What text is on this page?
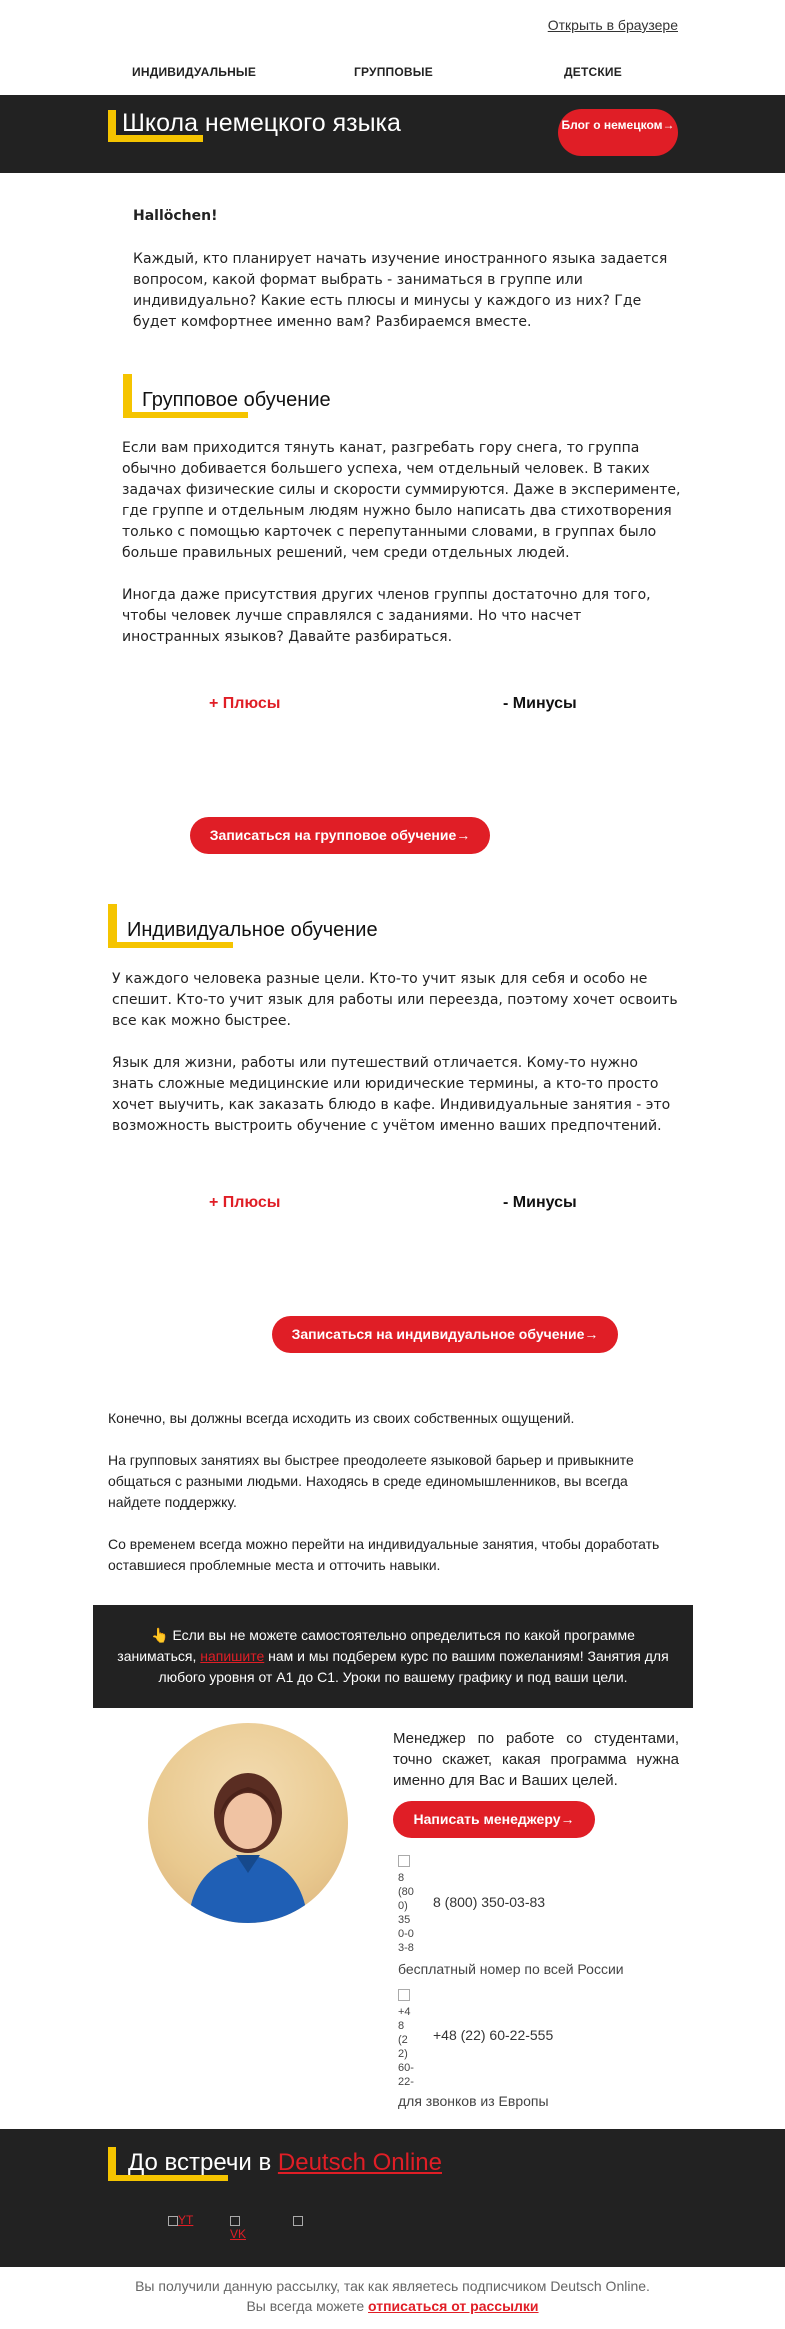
Открыть в браузере
ИНДИВИДУАЛЬНЫЕ	ГРУППОВЫЕ	ДЕТСКИЕ
Школа немецкого языка	Блог о немецком→
Hallöchen!
Каждый, кто планирует начать изучение иностранного языка задается вопросом, какой формат выбрать - заниматься в группе или индивидуально? Какие есть плюсы и минусы у каждого из них? Где будет комфортнее именно вам? Разбираемся вместе.
Групповое обучение
Если вам приходится тянуть канат, разгребать гору снега, то группа обычно добивается большего успеха, чем отдельный человек. В таких задачах физические силы и скорости суммируются. Даже в эксперименте, где группе и отдельным людям нужно было написать два стихотворения только с помощью карточек с перепутанными словами, в группах было больше правильных решений, чем среди отдельных людей.
Иногда даже присутствия других членов группы достаточно для того, чтобы человек лучше справлялся с заданиями. Но что насчет иностранных языков? Давайте разбираться.
+ Плюсы	- Минусы
Записаться на групповое обучение→
Индивидуальное обучение
У каждого человека разные цели. Кто-то учит язык для себя и особо не спешит. Кто-то учит язык для работы или переезда, поэтому хочет освоить все как можно быстрее.
Язык для жизни, работы или путешествий отличается. Кому-то нужно знать сложные медицинские или юридические термины, а кто-то просто хочет выучить, как заказать блюдо в кафе. Индивидуальные занятия - это возможность выстроить обучение с учётом именно ваших предпочтений.
+ Плюсы	- Минусы
Записаться на индивидуальное обучение→

Конечно, вы должны всегда исходить из своих собственных ощущений.

На групповых занятиях вы быстрее преодолеете языковой барьер и привыкните общаться с разными людьми. Находясь в среде единомышленников, вы всегда найдете поддержку.

Со временем всегда можно перейти на индивидуальные занятия, чтобы доработать оставшиеся проблемные места и отточить навыки.

👆 Если вы не можете самостоятельно определиться по какой программе заниматься, напишите нам и мы подберем курс по вашим пожеланиям! Занятия для любого уровня от А1 до С1. Уроки по вашему графику и под ваши цели.
Менеджер по работе со студентами, точно скажет, какая программа нужна именно для Вас и Ваших целей.
Написать менеджеру→
8 (800) 350-03-8
8 (800) 350-03-83
бесплатный номер по всей России
+48 (22) 60-22-
+48 (22) 60-22-555
для звонков из Европы
До встречи в Deutsch Online
YT

VK
Вы получили данную рассылку, так как являетесь подписчиком Deutsch Online.
Вы всегда можете отписаться от рассылки
